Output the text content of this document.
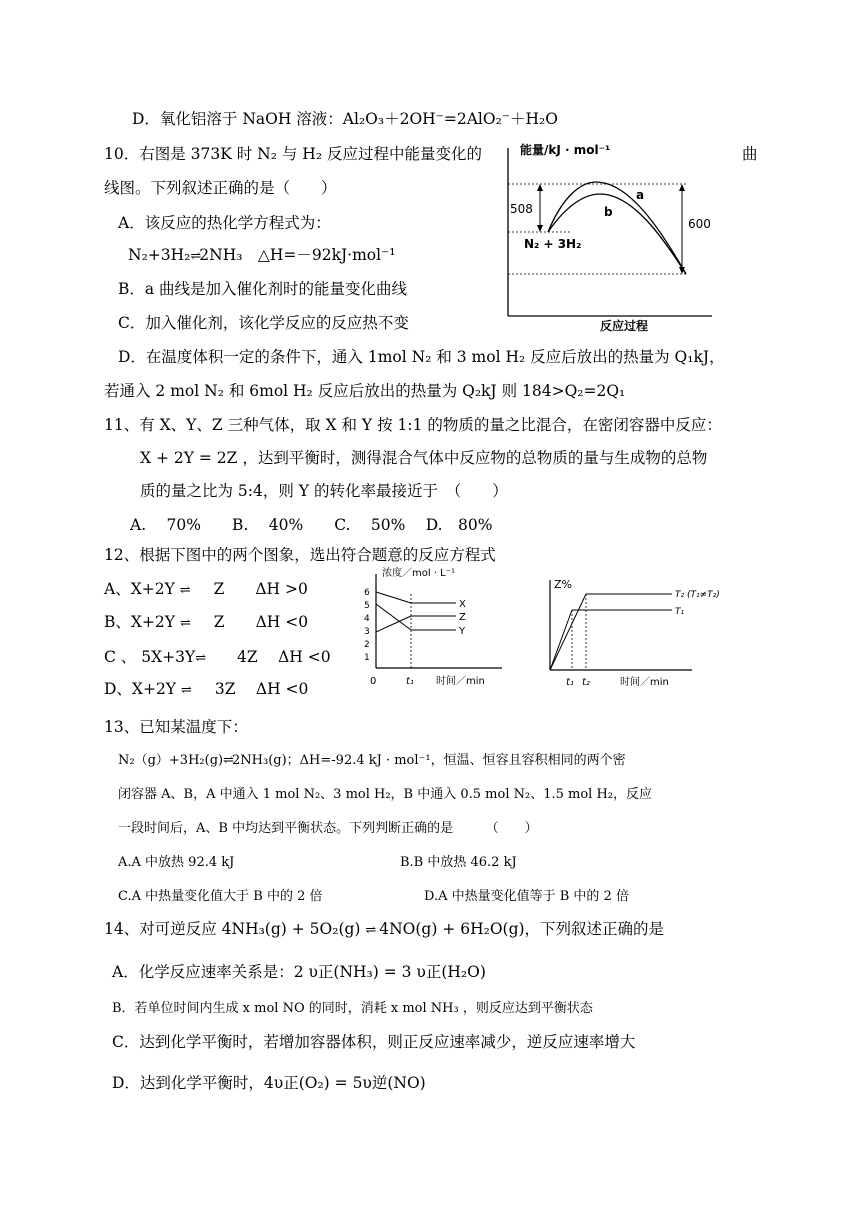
D．氧化铝溶于 NaOH 溶液：Al₂O₃＋2OH⁻=2AlO₂⁻＋H₂O
10．右图是 373K 时 N₂ 与 H₂ 反应过程中能量变化的	曲
线图。下列叙述正确的是（　　）
A．该反应的热化学方程式为：
N₂+3H₂⇌2NH₃　△H=－92kJ·mol⁻¹
B．a 曲线是加入催化剂时的能量变化曲线
C．加入催化剂，该化学反应的反应热不变
D．在温度体积一定的条件下，通入 1mol N₂ 和 3 mol H₂ 反应后放出的热量为 Q₁kJ，
若通入 2 mol N₂ 和 6mol H₂ 反应后放出的热量为 Q₂kJ 则 184>Q₂=2Q₁
能量/kJ · mol⁻¹
508
600
N₂ + 3H₂
a
b
反应过程
11、有 X、Y、Z 三种气体，取 X 和 Y 按 1:1 的物质的量之比混合，在密闭容器中反应：
X + 2Y = 2Z ，达到平衡时，测得混合气体中反应物的总物质的量与生成物的总物
质的量之比为 5:4，则 Y 的转化率最接近于　（　　）
A.　 70%　　B.　 40%　　C.　 50%　 D.　80%
12、根据下图中的两个图象，选出符合题意的反应方程式
A、X+2Y ⇌ Z　　ΔH >0
B、X+2Y ⇌ Z　　ΔH <0
C 、 5X+3Y⇌ 4Z　 ΔH <0
D、X+2Y ⇌ 3Z　 ΔH <0
浓度／mol · L⁻¹
6
5
4
3
2
1
X
Z
Y
0	t₁ 时间／min
Z%
T₂ (T₁≠T₂)
T₁
t₁ t₂	时间／min
13、已知某温度下：
N₂（g）+3H₂(g)⇌2NH₃(g)；ΔH=-92.4 kJ · mol⁻¹，恒温、恒容且容积相同的两个密
闭容器 A、B，A 中通入 1 mol N₂、3 mol H₂，B 中通入 0.5 mol N₂、1.5 mol H₂，反应
一段时间后，A、B 中均达到平衡状态。下列判断正确的是　　　（　　）
A.A 中放热 92.4 kJ	B.B 中放热 46.2 kJ
C.A 中热量变化值大于 B 中的 2 倍	D.A 中热量变化值等于 B 中的 2 倍
14、对可逆反应 4NH₃(g) + 5O₂(g) ⇌ 4NO(g) + 6H₂O(g)，下列叙述正确的是
A．化学反应速率关系是：2 υ正(NH₃) = 3 υ正(H₂O)
B．若单位时间内生成 x mol NO 的同时，消耗 x mol NH₃ ，则反应达到平衡状态
C．达到化学平衡时，若增加容器体积，则正反应速率减少，逆反应速率增大
D．达到化学平衡时，4υ正(O₂) = 5υ逆(NO)
